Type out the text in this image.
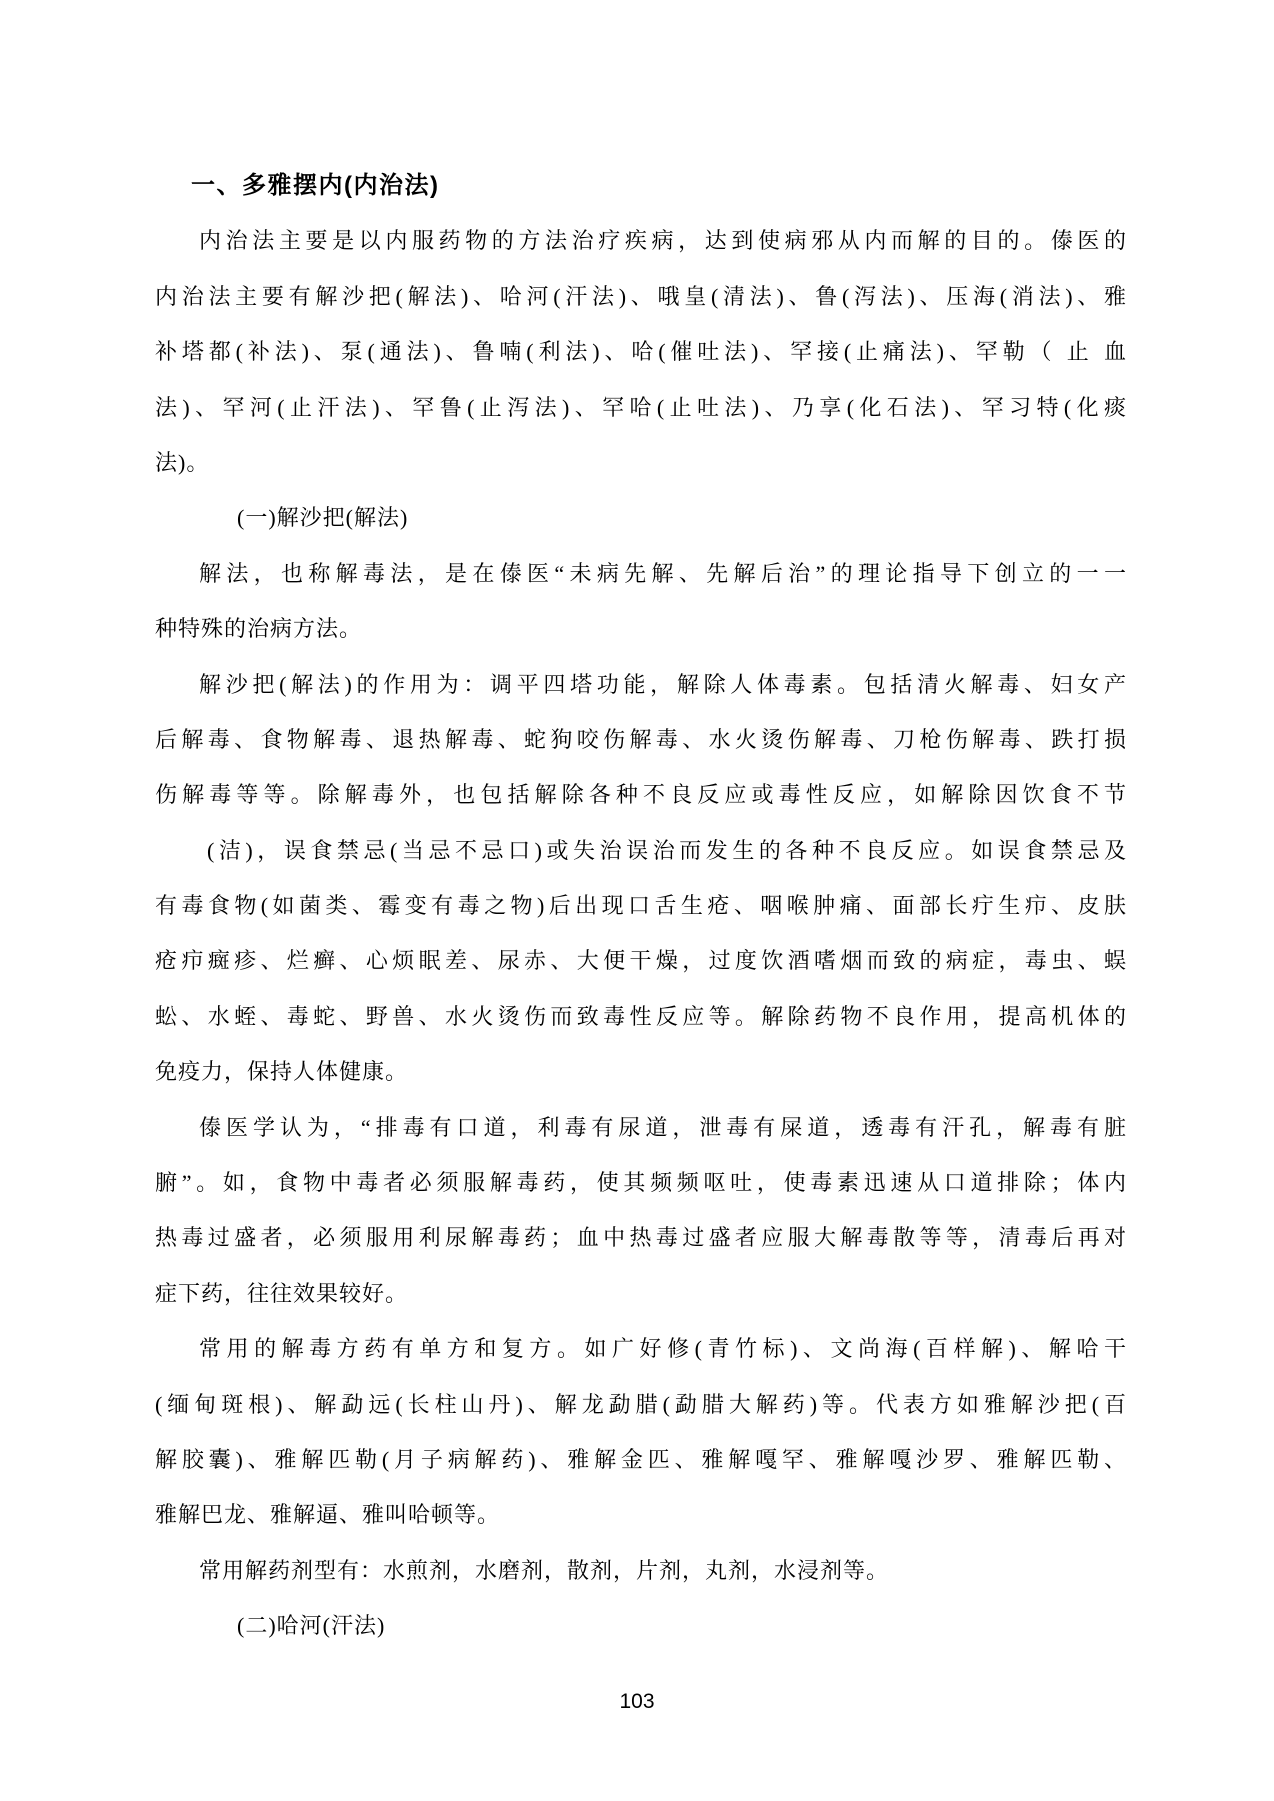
一、多雅摆内(内治法)
内治法主要是以内服药物的方法治疗疾病，达到使病邪从内而解的目的。傣医的
内治法主要有解沙把(解法)、哈河(汗法)、哦皇(清法)、鲁(泻法)、压海(消法)、雅
补塔都(补法)、泵(通法)、鲁喃(利法)、哈(催吐法)、罕接(止痛法)、罕勒（ 止 血
法)、罕河(止汗法)、罕鲁(止泻法)、罕哈(止吐法)、乃享(化石法)、罕习特(化痰
法)。
(一)解沙把(解法)
解法，也称解毒法，是在傣医“未病先解、先解后治”的理论指导下创立的一一
种特殊的治病方法。
解沙把(解法)的作用为：调平四塔功能，解除人体毒素。包括清火解毒、妇女产
后解毒、食物解毒、退热解毒、蛇狗咬伤解毒、水火烫伤解毒、刀枪伤解毒、跌打损
伤解毒等等。除解毒外，也包括解除各种不良反应或毒性反应，如解除因饮食不节
(洁)，误食禁忌(当忌不忌口)或失治误治而发生的各种不良反应。如误食禁忌及
有毒食物(如菌类、霉变有毒之物)后出现口舌生疮、咽喉肿痛、面部长疔生疖、皮肤
疮疖癍疹、烂癣、心烦眠差、尿赤、大便干燥，过度饮酒嗜烟而致的病症，毒虫、蜈
蚣、水蛭、毒蛇、野兽、水火烫伤而致毒性反应等。解除药物不良作用，提高机体的
免疫力，保持人体健康。
傣医学认为，“排毒有口道，利毒有尿道，泄毒有屎道，透毒有汗孔，解毒有脏
腑”。如，食物中毒者必须服解毒药，使其频频呕吐，使毒素迅速从口道排除；体内
热毒过盛者，必须服用利尿解毒药；血中热毒过盛者应服大解毒散等等，清毒后再对
症下药，往往效果较好。
常用的解毒方药有单方和复方。如广好修(青竹标)、文尚海(百样解)、解哈干
(缅甸斑根)、解勐远(长柱山丹)、解龙勐腊(勐腊大解药)等。代表方如雅解沙把(百
解胶囊)、雅解匹勒(月子病解药)、雅解金匹、雅解嘎罕、雅解嘎沙罗、雅解匹勒、
雅解巴龙、雅解逼、雅叫哈顿等。
常用解药剂型有：水煎剂，水磨剂，散剂，片剂，丸剂，水浸剂等。
(二)哈河(汗法)
103
